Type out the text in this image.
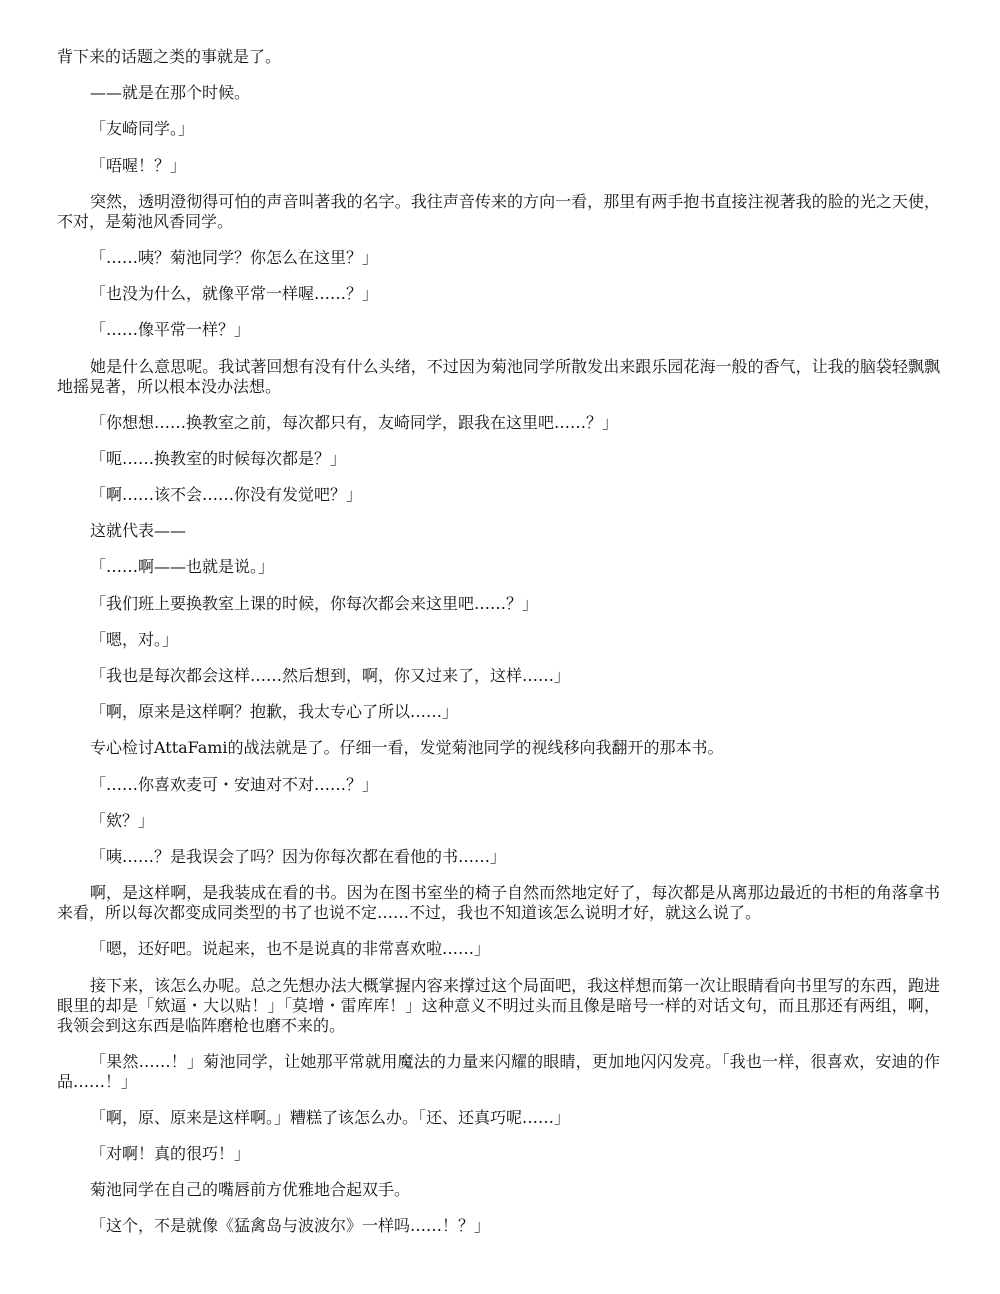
背下来的话题之类的事就是了。

——就是在那个时候。

「友崎同学。」

「唔喔！？」

突然，透明澄彻得可怕的声音叫著我的名字。我往声音传来的方向一看，那里有两手抱书直接注视著我的脸的光之天使，不对，是菊池风香同学。

「……咦？菊池同学？你怎么在这里？」

「也没为什么，就像平常一样喔……？」

「……像平常一样？」

她是什么意思呢。我试著回想有没有什么头绪，不过因为菊池同学所散发出来跟乐园花海一般的香气，让我的脑袋轻飘飘地摇晃著，所以根本没办法想。

「你想想……换教室之前，每次都只有，友崎同学，跟我在这里吧……？」

「呃……换教室的时候每次都是？」

「啊……该不会……你没有发觉吧？」

这就代表——

「……啊——也就是说。」

「我们班上要换教室上课的时候，你每次都会来这里吧……？」

「嗯，对。」

「我也是每次都会这样……然后想到，啊，你又过来了，这样……」

「啊，原来是这样啊？抱歉，我太专心了所以……」

专心检讨AttaFami的战法就是了。仔细一看，发觉菊池同学的视线移向我翻开的那本书。

「……你喜欢麦可・安迪对不对……？」

「欸？」

「咦……？是我误会了吗？因为你每次都在看他的书……」

啊，是这样啊，是我装成在看的书。因为在图书室坐的椅子自然而然地定好了，每次都是从离那边最近的书柜的角落拿书来看，所以每次都变成同类型的书了也说不定……不过，我也不知道该怎么说明才好，就这么说了。

「嗯，还好吧。说起来，也不是说真的非常喜欢啦……」

接下来，该怎么办呢。总之先想办法大概掌握内容来撑过这个局面吧，我这样想而第一次让眼睛看向书里写的东西，跑进眼里的却是「欸逼・大以贴！」「莫增・雷库库！」这种意义不明过头而且像是暗号一样的对话文句，而且那还有两组，啊，我领会到这东西是临阵磨枪也磨不来的。

「果然……！」菊池同学，让她那平常就用魔法的力量来闪耀的眼睛，更加地闪闪发亮。「我也一样，很喜欢，安迪的作品……！」

「啊，原、原来是这样啊。」糟糕了该怎么办。「还、还真巧呢……」

「对啊！真的很巧！」

菊池同学在自己的嘴唇前方优雅地合起双手。

「这个，不是就像《猛禽岛与波波尔》一样吗……！？」
